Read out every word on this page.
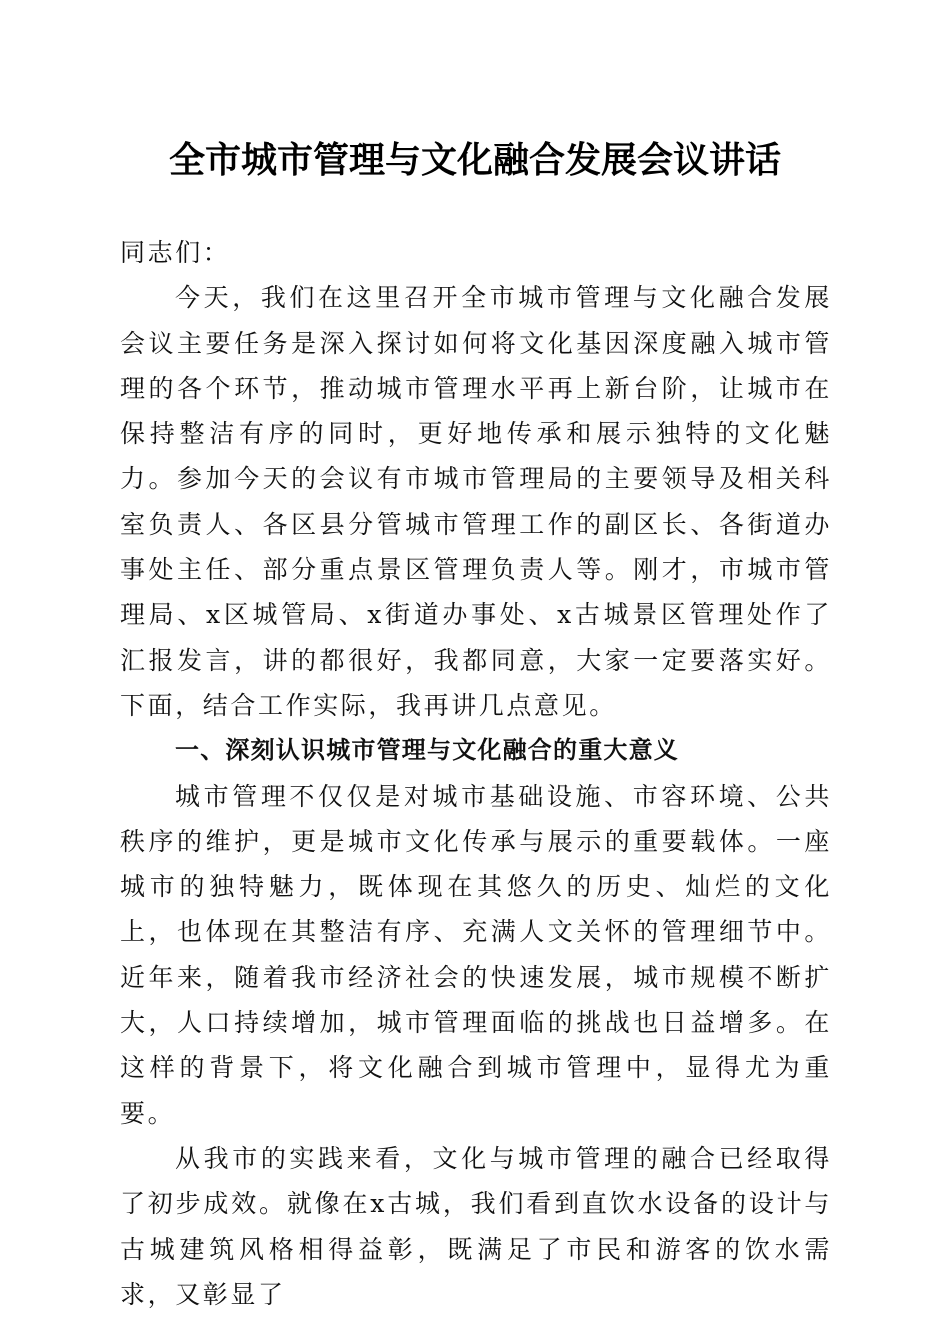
全市城市管理与文化融合发展会议讲话

同志们：

今天，我们在这里召开全市城市管理与文化融合发展会议主要任务是深入探讨如何将文化基因深度融入城市管理的各个环节，推动城市管理水平再上新台阶，让城市在保持整洁有序的同时，更好地传承和展示独特的文化魅力。参加今天的会议有市城市管理局的主要领导及相关科室负责人、各区县分管城市管理工作的副区长、各街道办事处主任、部分重点景区管理负责人等。刚才，市城市管理局、x区城管局、x街道办事处、x古城景区管理处作了汇报发言，讲的都很好，我都同意，大家一定要落实好。下面，结合工作实际，我再讲几点意见。

一、深刻认识城市管理与文化融合的重大意义

城市管理不仅仅是对城市基础设施、市容环境、公共秩序的维护，更是城市文化传承与展示的重要载体。一座城市的独特魅力，既体现在其悠久的历史、灿烂的文化上，也体现在其整洁有序、充满人文关怀的管理细节中。近年来，随着我市经济社会的快速发展，城市规模不断扩大，人口持续增加，城市管理面临的挑战也日益增多。在这样的背景下，将文化融合到城市管理中，显得尤为重要。

从我市的实践来看，文化与城市管理的融合已经取得了初步成效。就像在x古城，我们看到直饮水设备的设计与古城建筑风格相得益彰，既满足了市民和游客的饮水需求，又彰显了
